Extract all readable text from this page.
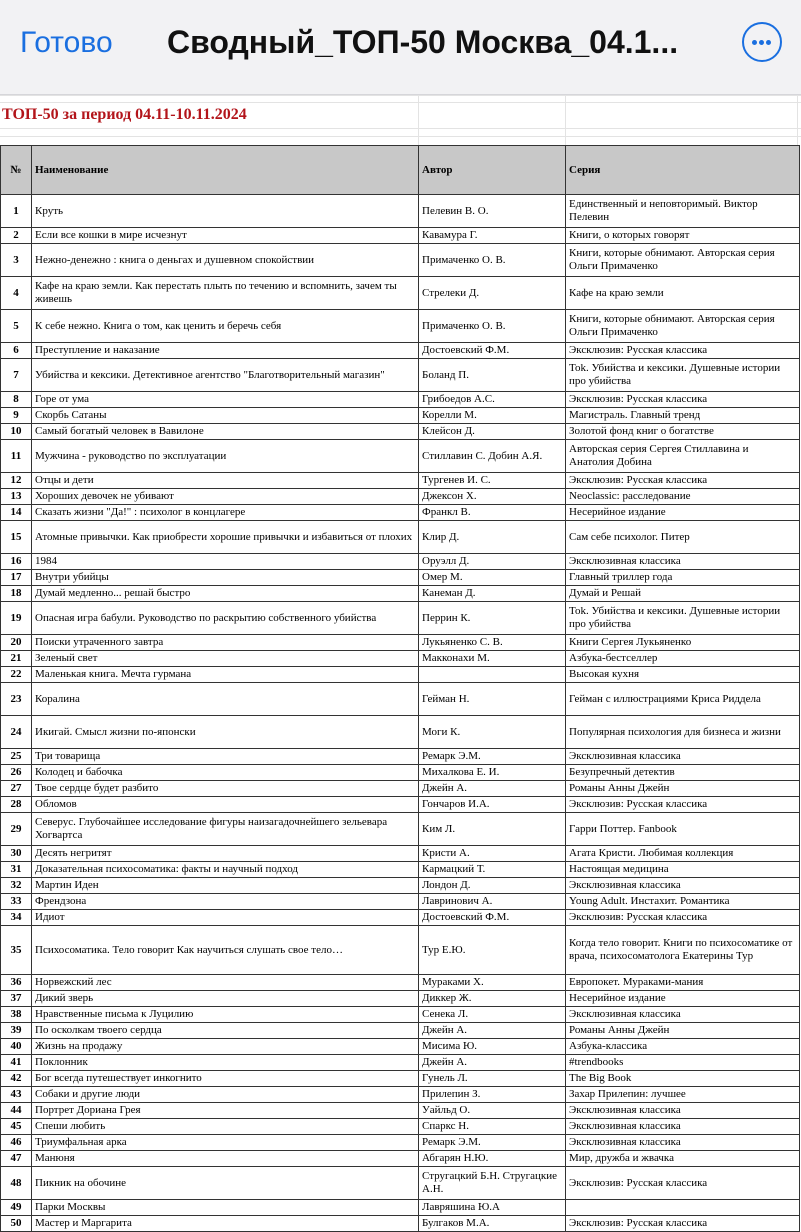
Готово Сводный_ТОП-50 Москва_04.1...
ТОП-50 за период 04.11-10.11.2024
№	Наименование	Автор	Серия
1	Круть	Пелевин В. О.	Единственный и неповторимый. Виктор Пелевин
2	Если все кошки в мире исчезнут	Кавамура Г.	Книги, о которых говорят
3	Нежно-денежно : книга о деньгах и душевном спокойствии	Примаченко О. В.	Книги, которые обнимают. Авторская серия Ольги Примаченко
4	Кафе на краю земли. Как перестать плыть по течению и вспомнить, зачем ты живешь	Стрелеки Д.	Кафе на краю земли
5	К себе нежно. Книга о том, как ценить и беречь себя	Примаченко О. В.	Книги, которые обнимают. Авторская серия Ольги Примаченко
6	Преступление и наказание	Достоевский Ф.М.	Эксклюзив: Русская классика
7	Убийства и кексики. Детективное агентство "Благотворительный магазин"	Боланд П.	Tok. Убийства и кексики. Душевные истории про убийства
8	Горе от ума	Грибоедов А.С.	Эксклюзив: Русская классика
9	Скорбь Сатаны	Корелли М.	Магистраль. Главный тренд
10	Самый богатый человек в Вавилоне	Клейсон Д.	Золотой фонд книг о богатстве
11	Мужчина - руководство по эксплуатации	Стиллавин С. Добин А.Я.	Авторская серия Сергея Стиллавина и Анатолия Добина
12	Отцы и дети	Тургенев И. С.	Эксклюзив: Русская классика
13	Хороших девочек не убивают	Джексон Х.	Neoclassic: расследование
14	Сказать жизни "Да!" : психолог в концлагере	Франкл В.	Несерийное издание
15	Атомные привычки. Как приобрести хорошие привычки и избавиться от плохих	Клир Д.	Сам себе психолог. Питер
16	1984	Оруэлл Д.	Эксклюзивная классика
17	Внутри убийцы	Омер М.	Главный триллер года
18	Думай медленно... решай быстро	Канеман Д.	Думай и Решай
19	Опасная игра бабули. Руководство по раскрытию собственного убийства	Перрин К.	Tok. Убийства и кексики. Душевные истории про убийства
20	Поиски утраченного завтра	Лукьяненко С. В.	Книги Сергея Лукьяненко
21	Зеленый свет	Макконахи М.	Азбука-бестселлер
22	Маленькая книга. Мечта гурмана		Высокая кухня
23	Коралина	Гейман Н.	Гейман с иллюстрациями Криса Риддела
24	Икигай. Смысл жизни по-японски	Моги К.	Популярная психология для бизнеса и жизни
25	Три товарища	Ремарк Э.М.	Эксклюзивная классика
26	Колодец и бабочка	Михалкова Е. И.	Безупречный детектив
27	Твое сердце будет разбито	Джейн А.	Романы Анны Джейн
28	Обломов	Гончаров И.А.	Эксклюзив: Русская классика
29	Северус. Глубочайшее исследование фигуры наизагадочнейшего зельевара Хогвартса	Ким Л.	Гарри Поттер. Fanbook
30	Десять негритят	Кристи А.	Агата Кристи. Любимая коллекция
31	Доказательная психосоматика: факты и научный подход	Кармацкий Т.	Настоящая медицина
32	Мартин Иден	Лондон Д.	Эксклюзивная классика
33	Френдзона	Лавринович А.	Young Adult. Инстахит. Романтика
34	Идиот	Достоевский Ф.М.	Эксклюзив: Русская классика
35	Психосоматика. Тело говорит Как научиться слушать свое тело…	Тур Е.Ю.	Когда тело говорит. Книги по психосоматике от врача, психосоматолога Екатерины Тур
36	Норвежский лес	Мураками Х.	Европокет. Мураками-мания
37	Дикий зверь	Диккер Ж.	Несерийное издание
38	Нравственные письма к Луцилию	Сенека Л.	Эксклюзивная классика
39	По осколкам твоего сердца	Джейн А.	Романы Анны Джейн
40	Жизнь на продажу	Мисима Ю.	Азбука-классика
41	Поклонник	Джейн А.	#trendbooks
42	Бог всегда путешествует инкогнито	Гунель Л.	The Big Book
43	Собаки и другие люди	Прилепин З.	Захар Прилепин: лучшее
44	Портрет Дориана Грея	Уайльд О.	Эксклюзивная классика
45	Спеши любить	Спаркс Н.	Эксклюзивная классика
46	Триумфальная арка	Ремарк Э.М.	Эксклюзивная классика
47	Манюня	Абгарян Н.Ю.	Мир, дружба и жвачка
48	Пикник на обочине	Стругацкий Б.Н. Стругацкие А.Н.	Эксклюзив: Русская классика
49	Парки Москвы	Лавряшина Ю.А	
50	Мастер и Маргарита	Булгаков М.А.	Эксклюзив: Русская классика
